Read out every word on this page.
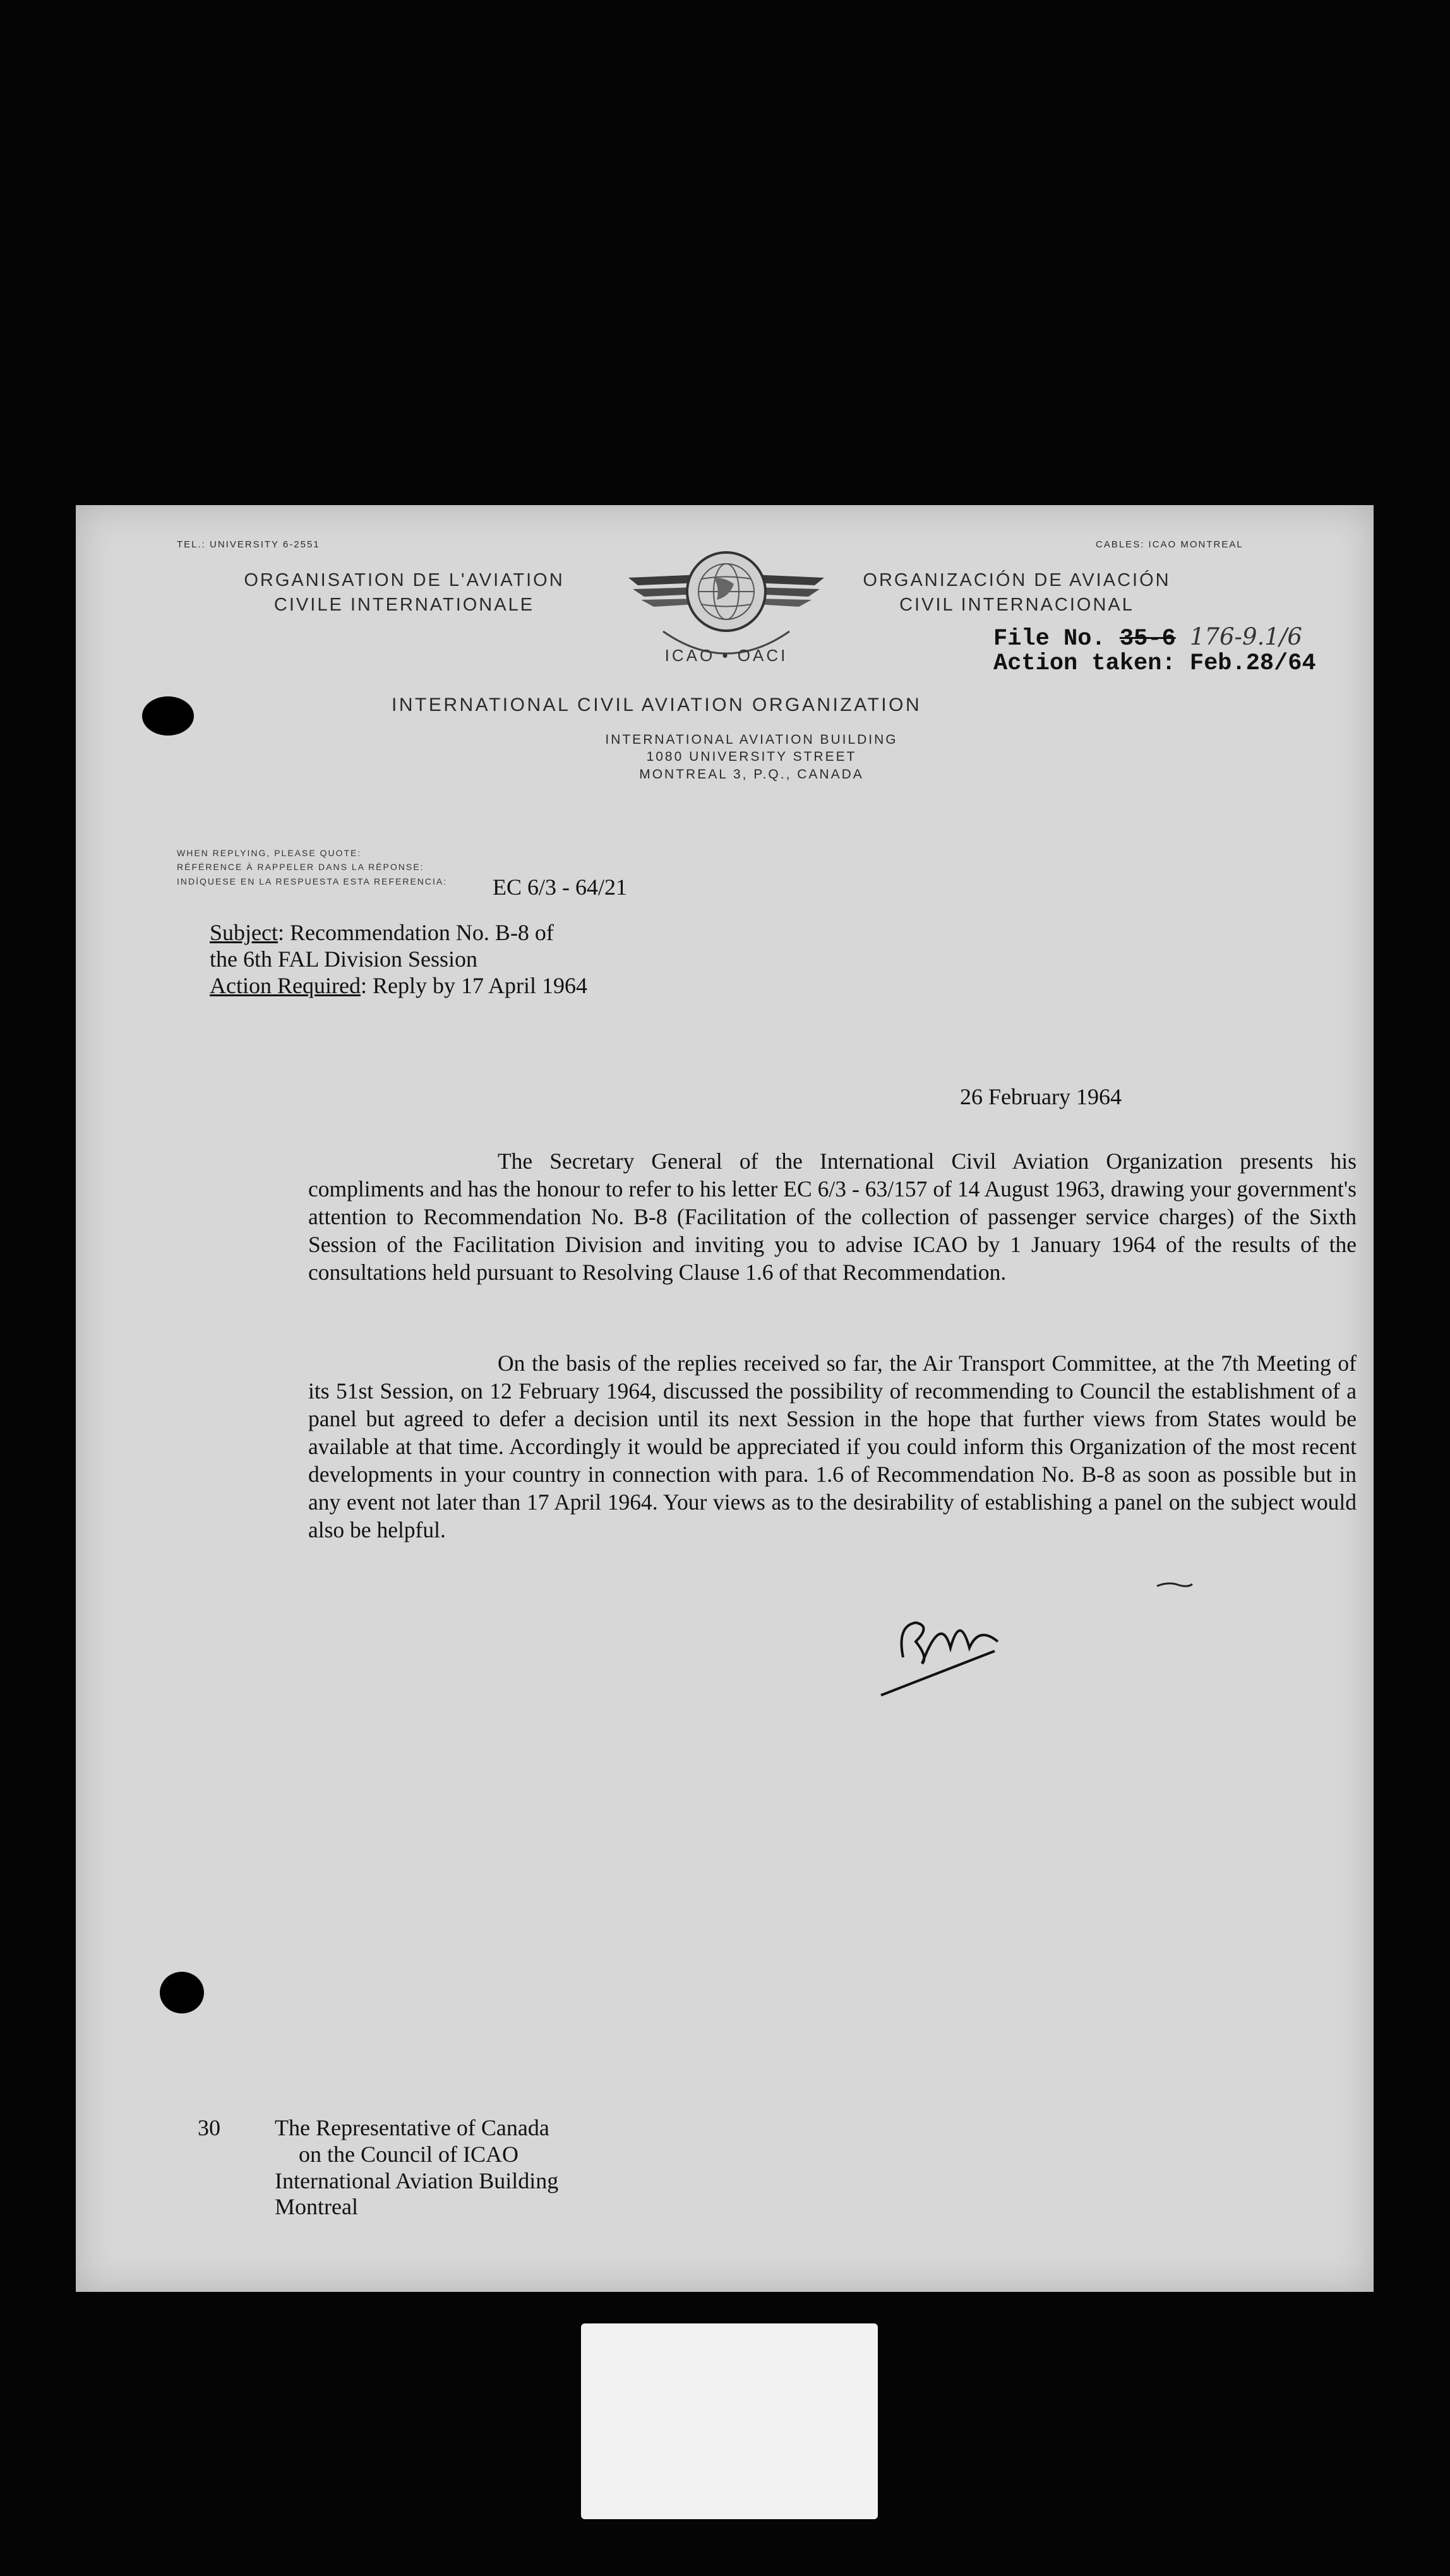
TEL.: UNIVERSITY 6-2551	CABLES: ICAO MONTREAL
ORGANISATION DE L'AVIATION
CIVILE INTERNATIONALE
ICAO • OACI
ORGANIZACIÓN DE AVIACIÓN
CIVIL INTERNACIONAL
File No. 35-6 176-9.1/6
Action taken: Feb.28/64
INTERNATIONAL CIVIL AVIATION ORGANIZATION
INTERNATIONAL AVIATION BUILDING
1080 UNIVERSITY STREET
MONTREAL 3, P.Q., CANADA
WHEN REPLYING, PLEASE QUOTE:
RÉFÉRENCE À RAPPELER DANS LA RÉPONSE:
INDÍQUESE EN LA RESPUESTA ESTA REFERENCIA: EC 6/3 - 64/21
Subject: Recommendation No. B-8 of
the 6th FAL Division Session
Action Required: Reply by 17 April 1964
26 February 1964
The Secretary General of the International Civil Aviation Organization presents his compliments and has the honour to refer to his letter EC 6/3 - 63/157 of 14 August 1963, drawing your government's attention to Recommendation No. B-8 (Facilitation of the collection of passenger service charges) of the Sixth Session of the Facilitation Division and inviting you to advise ICAO by 1 January 1964 of the results of the consultations held pursuant to Resolving Clause 1.6 of that Recommendation.
On the basis of the replies received so far, the Air Transport Committee, at the 7th Meeting of its 51st Session, on 12 February 1964, discussed the possibility of recommending to Council the establishment of a panel but agreed to defer a decision until its next Session in the hope that further views from States would be available at that time. Accordingly it would be appreciated if you could inform this Organization of the most recent developments in your country in connection with para. 1.6 of Recommendation No. B-8 as soon as possible but in any event not later than 17 April 1964. Your views as to the desirability of establishing a panel on the subject would also be helpful.
30 The Representative of Canada
on the Council of ICAO
International Aviation Building
Montreal
